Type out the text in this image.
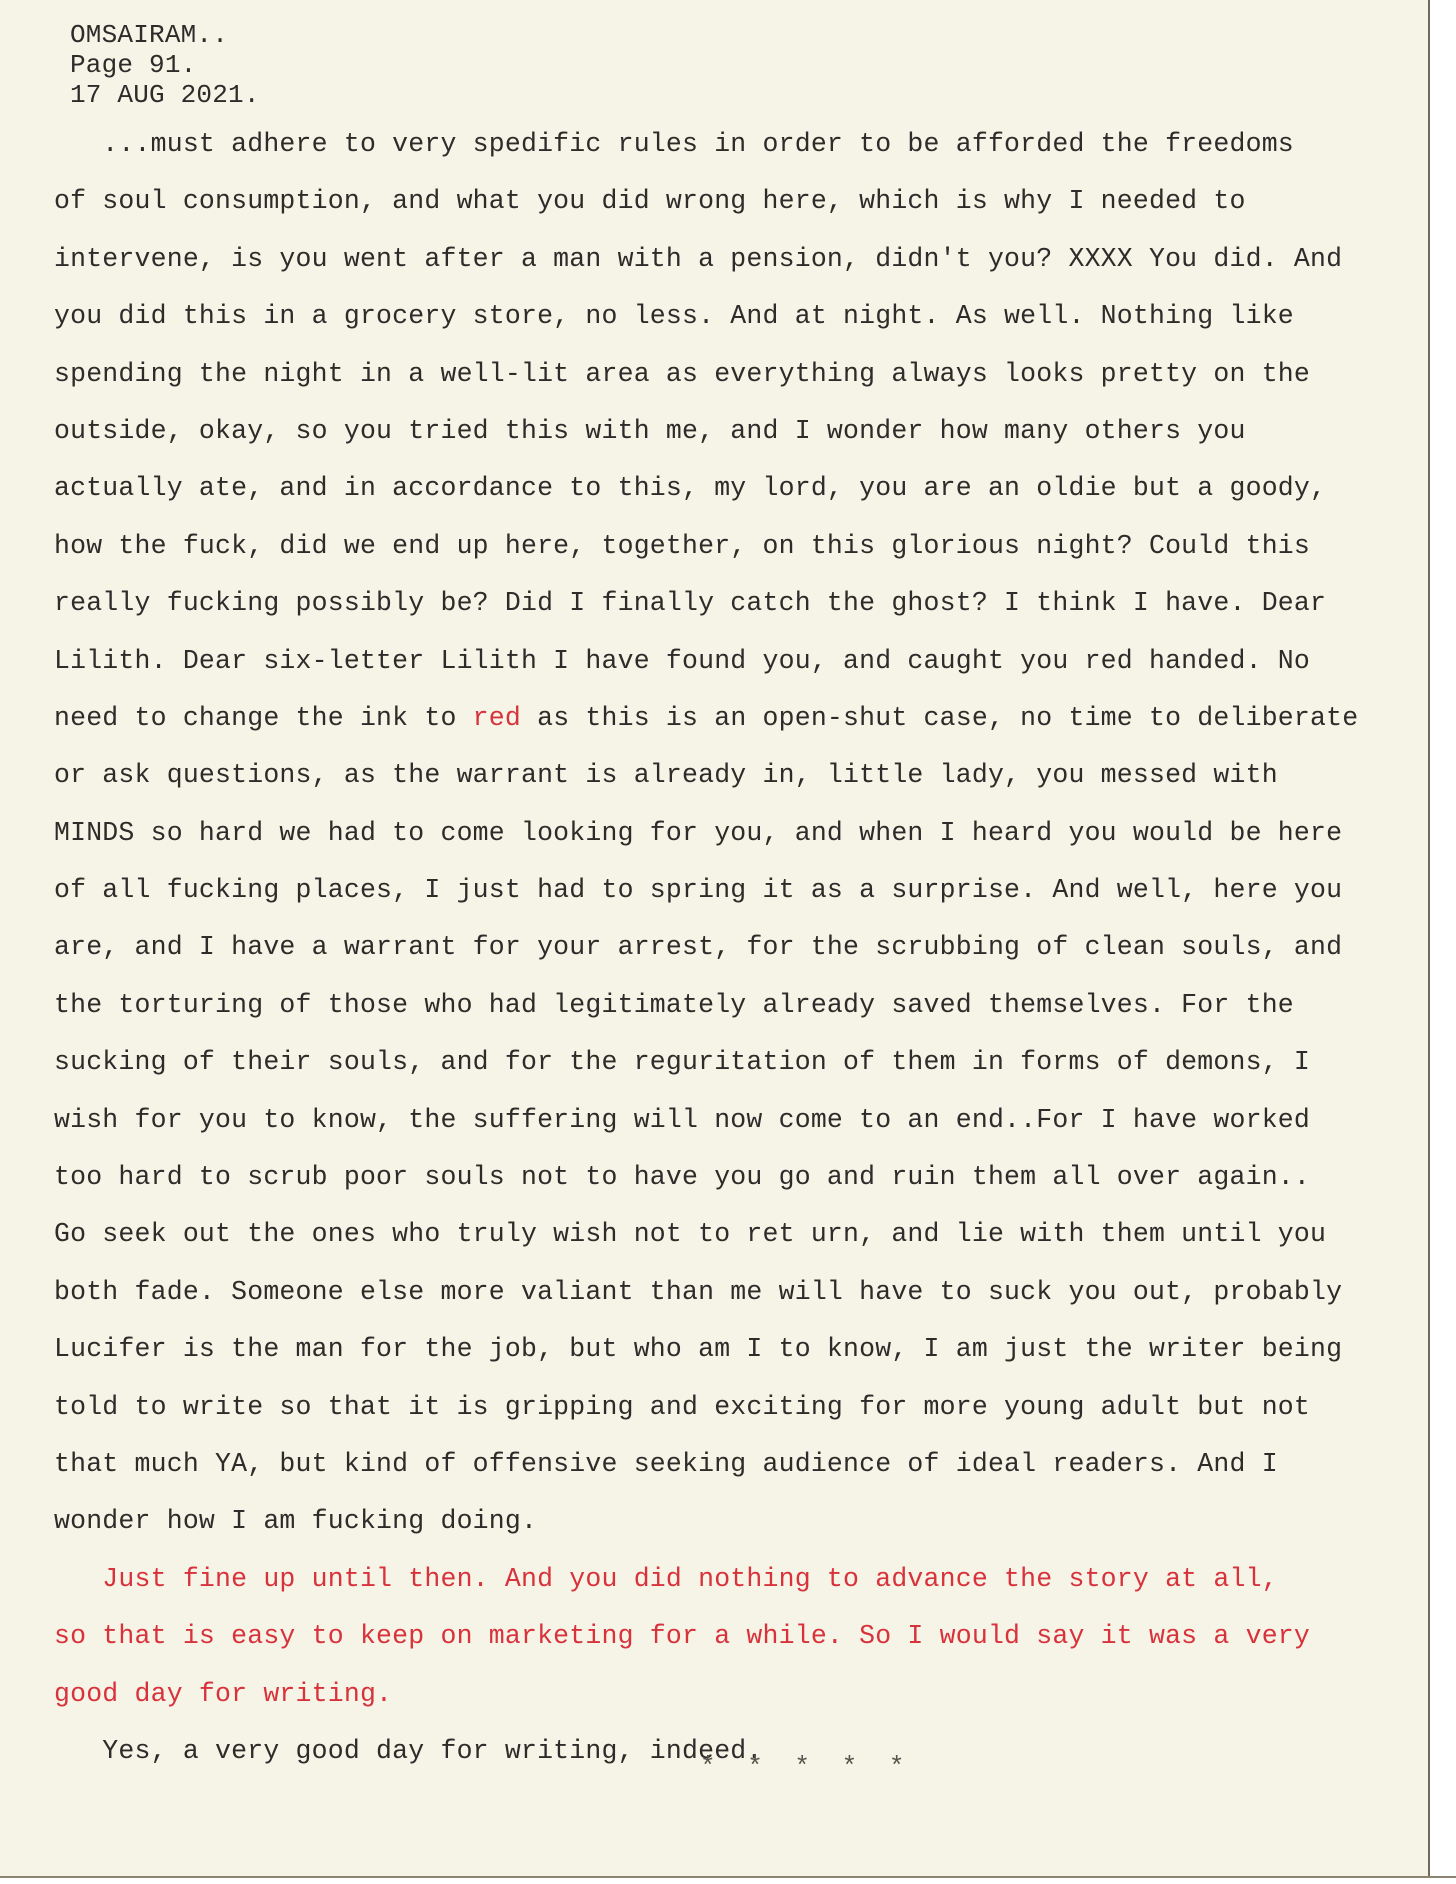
OMSAIRAM..
Page 91.
17 AUG 2021.
...must adhere to very spedific rules in order to be afforded the freedoms
of soul consumption, and what you did wrong here, which is why I needed to
intervene, is you went after a man with a pension, didn't you? XXXX You did. And
you did this in a grocery store, no less. And at night. As well. Nothing like
spending the night in a well-lit area as everything always looks pretty on the
outside, okay, so you tried this with me, and I wonder how many others you
actually ate, and in accordance to this, my lord, you are an oldie but a goody,
how the fuck, did we end up here, together, on this glorious night? Could this
really fucking possibly be? Did I finally catch the ghost? I think I have. Dear
Lilith. Dear six-letter Lilith I have found you, and caught you red handed. No
need to change the ink to red as this is an open-shut case, no time to deliberate
or ask questions, as the warrant is already in, little lady, you messed with
MINDS so hard we had to come looking for you, and when I heard you would be here
of all fucking places, I just had to spring it as a surprise. And well, here you
are, and I have a warrant for your arrest, for the scrubbing of clean souls, and
the torturing of those who had legitimately already saved themselves. For the
sucking of their souls, and for the reguritation of them in forms of demons, I
wish for you to know, the suffering will now come to an end..For I have worked
too hard to scrub poor souls not to have you go and ruin them all over again..
Go seek out the ones who truly wish not to ret urn, and lie with them until you
both fade. Someone else more valiant than me will have to suck you out, probably
Lucifer is the man for the job, but who am I to know, I am just the writer being
told to write so that it is gripping and exciting for more young adult but not
that much YA, but kind of offensive seeking audience of ideal readers. And I
wonder how I am fucking doing.
Just fine up until then. And you did nothing to advance the story at all,
so that is easy to keep on marketing for a while. So I would say it was a very
good day for writing.
Yes, a very good day for writing, indeed.
* * * * *
